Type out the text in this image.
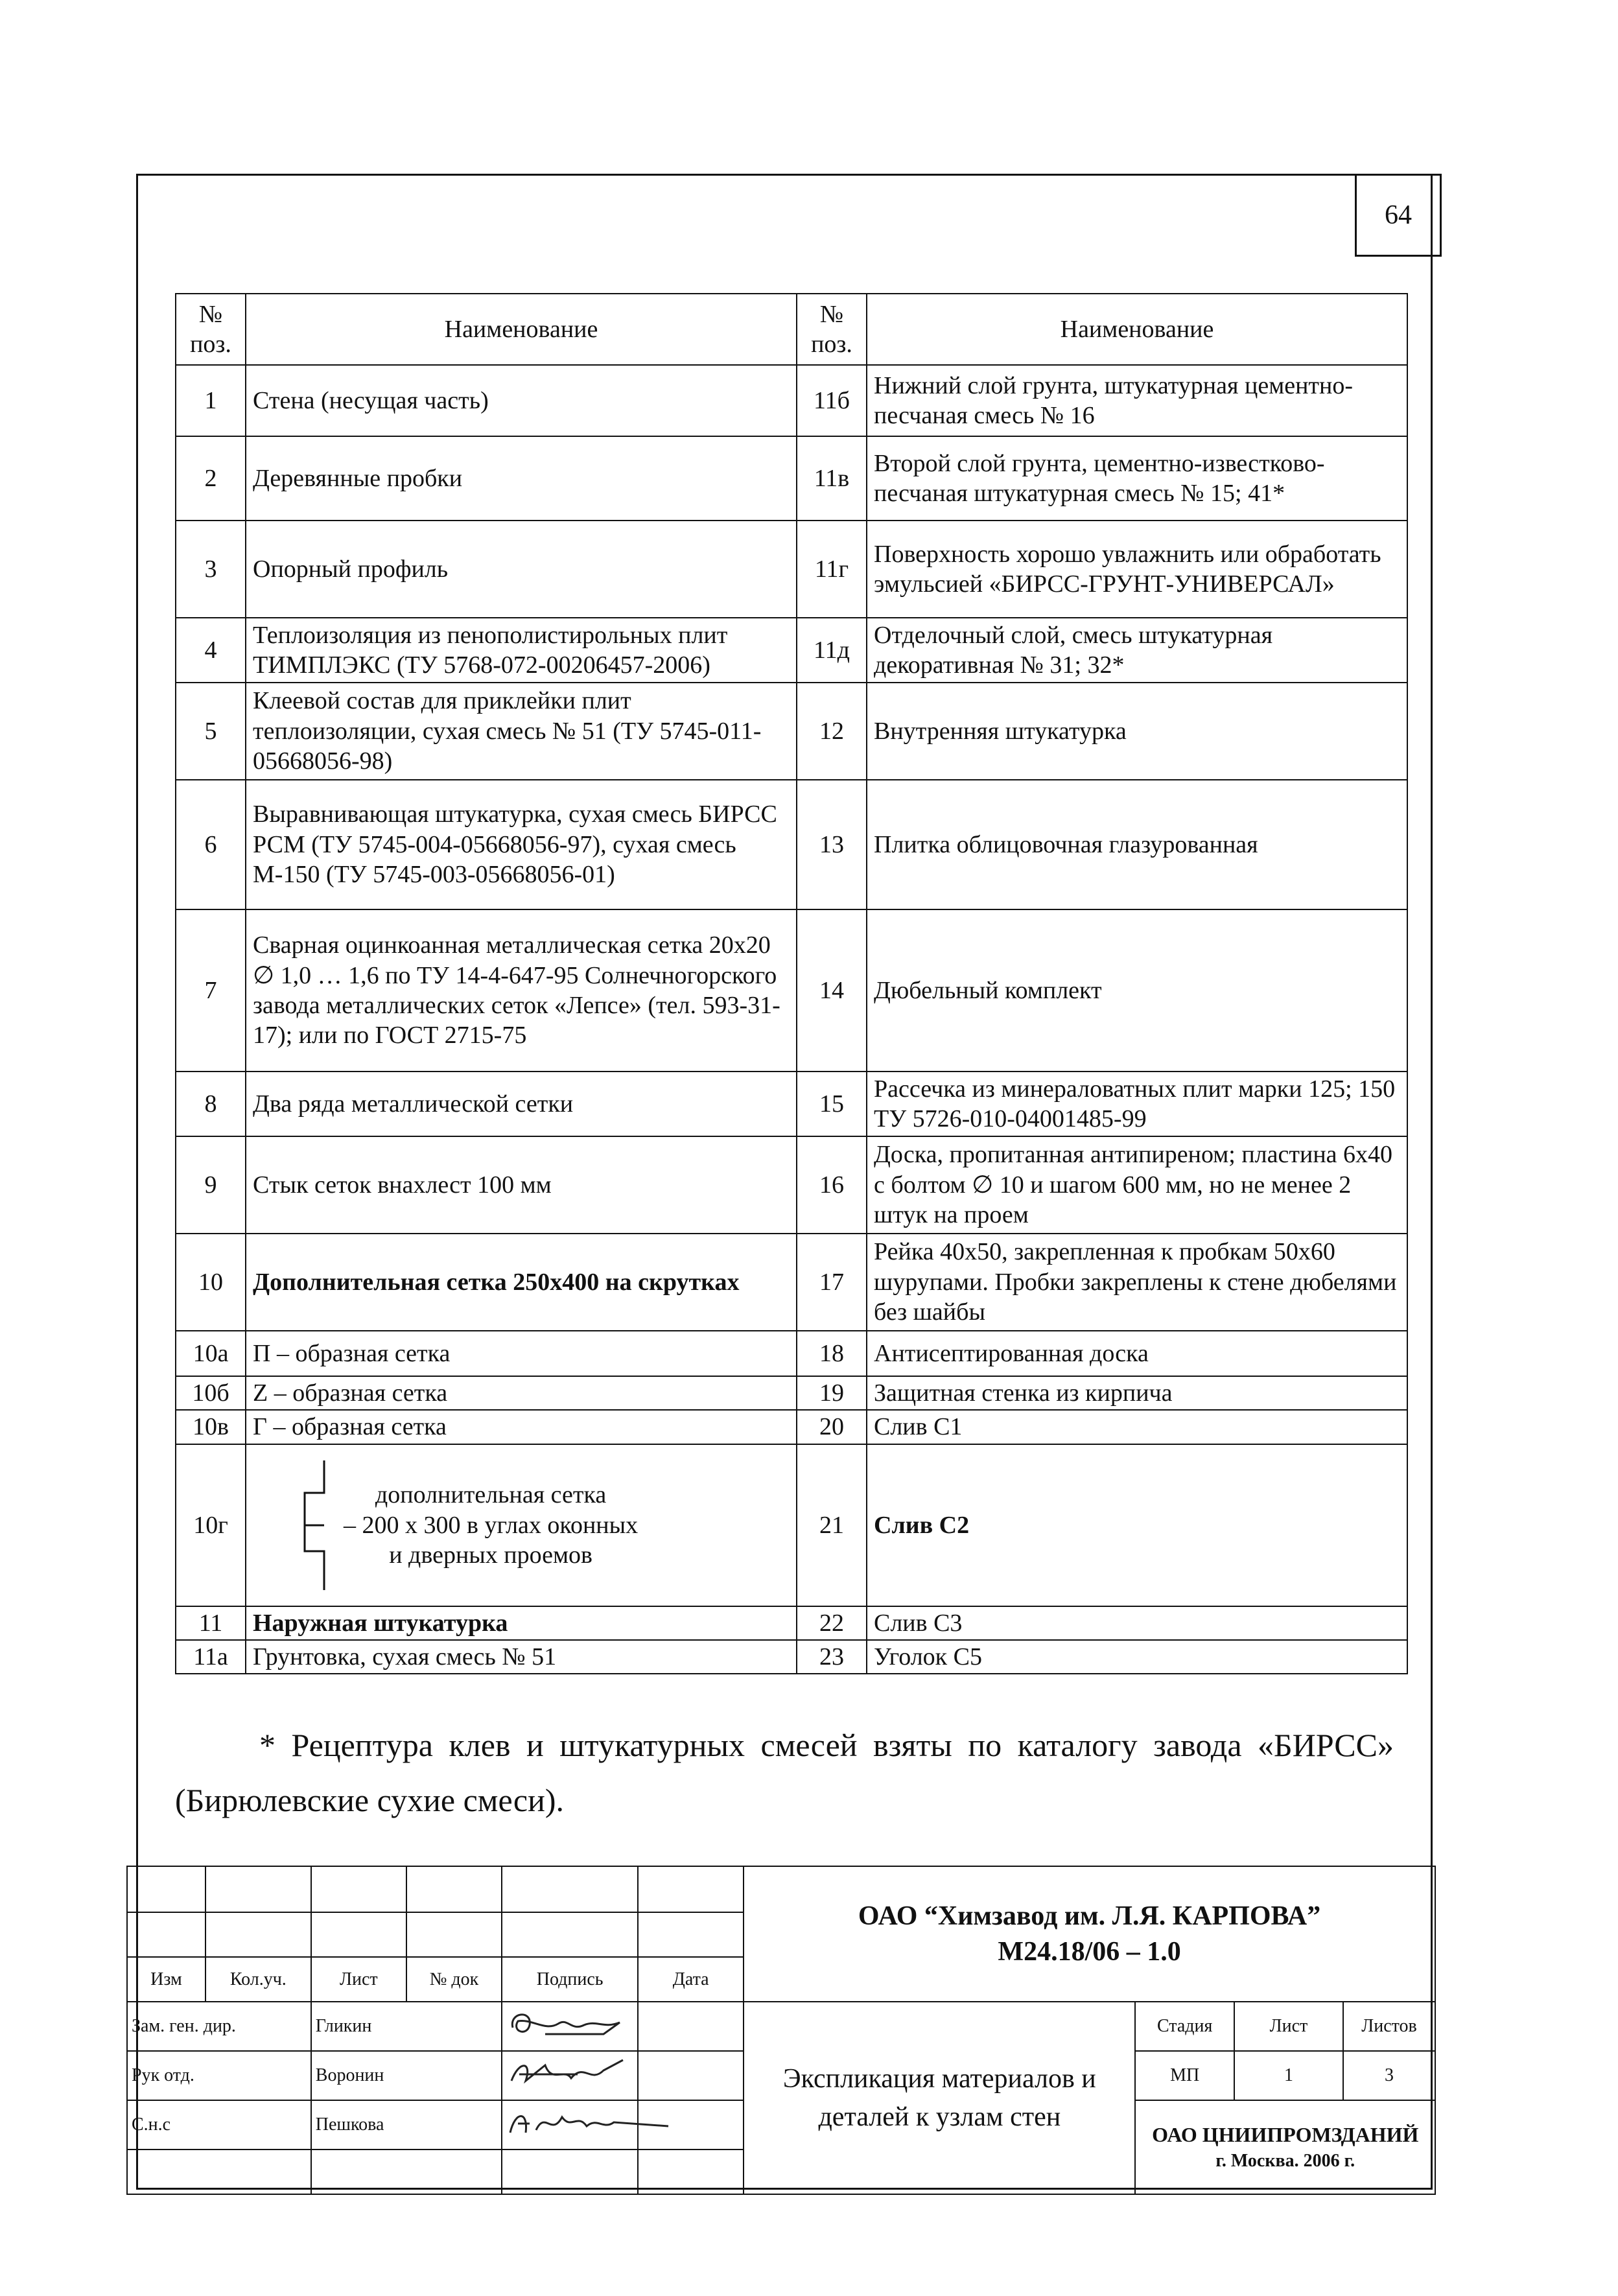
64
№ поз.	Наименование	№ поз.	Наименование
1	Стена (несущая часть)	11б	Нижний слой грунта, штукатурная цементно-песчаная смесь № 16
2	Деревянные пробки	11в	Второй слой грунта, цементно-известково-песчаная штукатурная смесь № 15; 41*
3	Опорный профиль	11г	Поверхность хорошо увлажнить или обработать эмульсией «БИРСС-ГРУНТ-УНИВЕРСАЛ»
4	Теплоизоляция из пенополистирольных плит ТИМПЛЭКС (ТУ 5768-072-00206457-2006)	11д	Отделочный слой, смесь штукатурная декоративная № 31; 32*
5	Клеевой состав для приклейки плит теплоизоляции, сухая смесь № 51 (ТУ 5745-011-05668056-98)	12	Внутренняя штукатурка
6	Выравнивающая штукатурка, сухая смесь БИРСС РСМ (ТУ 5745-004-05668056-97), сухая смесь М-150 (ТУ 5745-003-05668056-01)	13	Плитка облицовочная глазурованная
7	Сварная оцинкоанная металлическая сетка 20х20 ∅ 1,0 … 1,6 по ТУ 14-4-647-95 Солнечногорского завода металлических сеток «Лепсе» (тел. 593-31-17); или по ГОСТ 2715-75	14	Дюбельный комплект
8	Два ряда металлической сетки	15	Рассечка из минераловатных плит марки 125; 150 ТУ 5726-010-04001485-99
9	Стык сеток внахлест 100 мм	16	Доска, пропитанная антипиреном; пластина 6х40 с болтом ∅ 10 и шагом 600 мм, но не менее 2 штук на проем
10	Дополнительная сетка 250х400 на скрутках	17	Рейка 40х50, закрепленная к пробкам 50х60 шурупами. Пробки закреплены к стене дюбелями без шайбы
10а	П – образная сетка	18	Антисептированная доска
10б	Z – образная сетка	19	Защитная стенка из кирпича
10в	Г – образная сетка	20	Слив С1
10г	дополнительная сетка
– 200 х 300 в углах оконных
и дверных проемов	21	Слив С2
11	Наружная штукатурка	22	Слив С3
11а	Грунтовка, сухая смесь № 51	23	Уголок С5
* Рецептура клев и штукатурных смесей взяты по каталогу завода «БИРСС»
(Бирюлевские сухие смеси).

						ОАО “Химзавод им. Л.Я. КАРПОВА”
М24.18/06 – 1.0			

Изм	Кол.уч.	Лист	№ док	Подпись	Дата				
Зам. ген. дир.		Гликин				Экспликация материалов и деталей к узлам стен	Стадия	Лист	Листов
Рук отд.		Воронин					МП	1	3
С.н.с		Пешкова					ОАО ЦНИИПРОМЗДАНИЙ
г. Москва. 2006 г.		
